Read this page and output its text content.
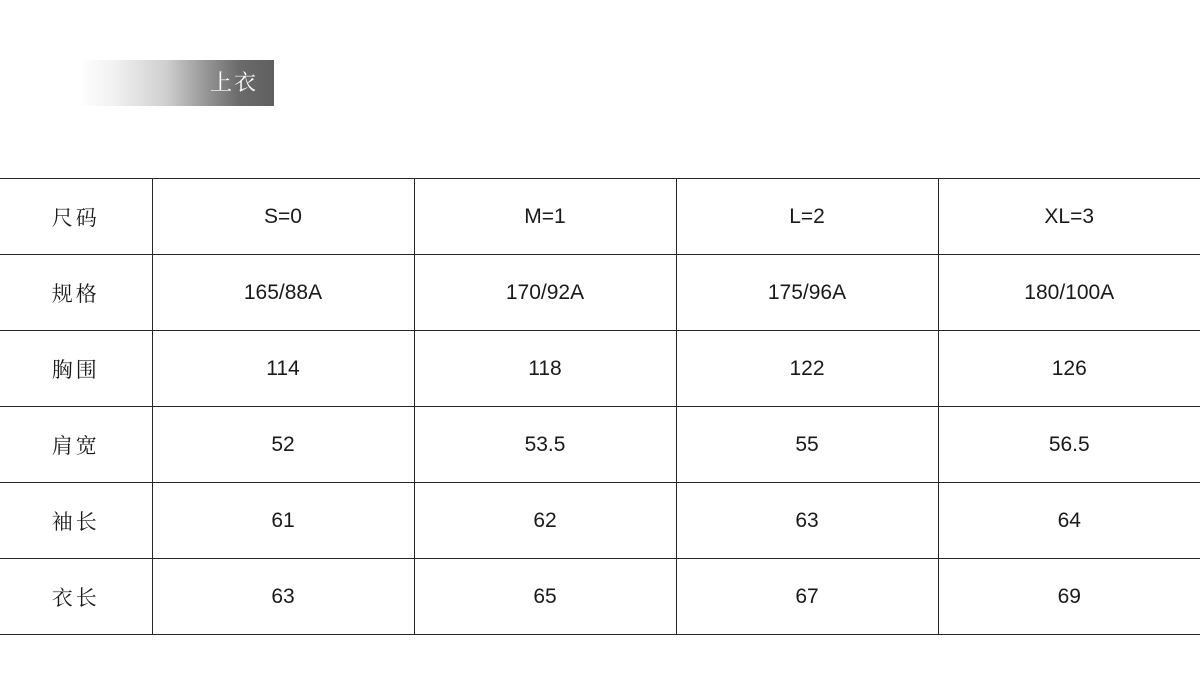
上衣
尺码	S=0	M=1	L=2	XL=3
规格	165/88A	170/92A	175/96A	180/100A
胸围	114	118	122	126
肩宽	52	53.5	55	56.5
袖长	61	62	63	64
衣长	63	65	67	69
